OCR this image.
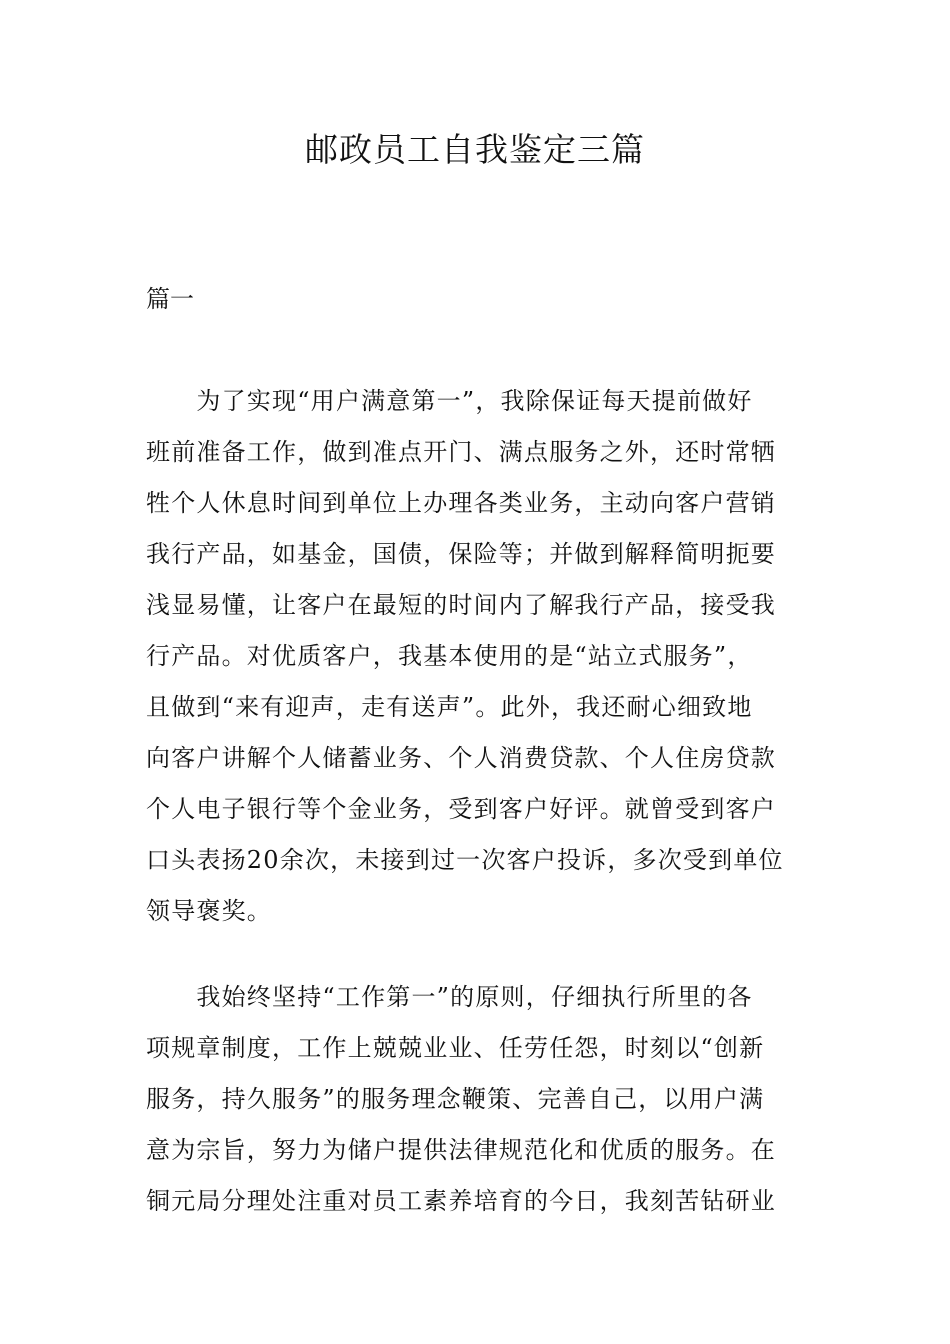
邮政员工自我鉴定三篇
篇一
　　为了实现“用户满意第一”，我除保证每天提前做好
班前准备工作，做到准点开门、满点服务之外，还时常牺
牲个人休息时间到单位上办理各类业务，主动向客户营销
我行产品，如基金，国债，保险等；并做到解释简明扼要
浅显易懂，让客户在最短的时间内了解我行产品，接受我
行产品。对优质客户，我基本使用的是“站立式服务”，
且做到“来有迎声，走有送声”。此外，我还耐心细致地
向客户讲解个人储蓄业务、个人消费贷款、个人住房贷款
个人电子银行等个金业务，受到客户好评。就曾受到客户
口头表扬20余次，未接到过一次客户投诉，多次受到单位
领导褒奖。
　　我始终坚持“工作第一”的原则，仔细执行所里的各
项规章制度，工作上兢兢业业、任劳任怨，时刻以“创新
服务，持久服务”的服务理念鞭策、完善自己，以用户满
意为宗旨，努力为储户提供法律规范化和优质的服务。在
铜元局分理处注重对员工素养培育的今日，我刻苦钻研业
